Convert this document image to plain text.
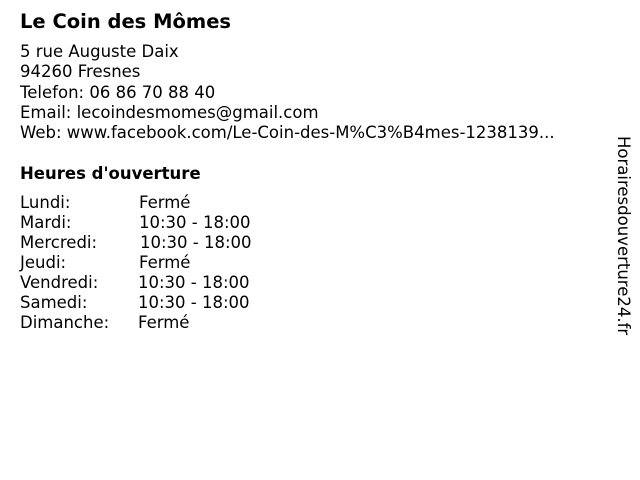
Le Coin des Mômes
5 rue Auguste Daix
94260 Fresnes
Telefon: 06 86 70 88 40
Email: lecoindesmomes@gmail.com
Web: www.facebook.com/Le-Coin-des-M%C3%B4mes-1238139...
Heures d'ouverture
Lundi:	Fermé
Mardi:	10:30 - 18:00
Mercredi:	10:30 - 18:00
Jeudi:	Fermé
Vendredi:	10:30 - 18:00
Samedi:	10:30 - 18:00
Dimanche:	Fermé	Horairesdouverture24.fr
